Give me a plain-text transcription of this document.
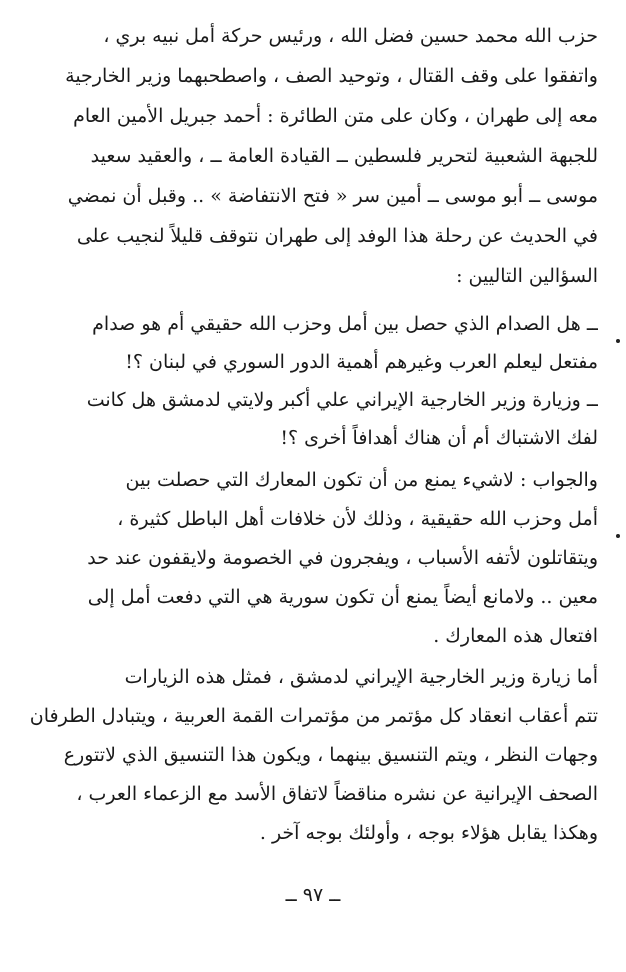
حزب الله محمد حسين فضل الله ، ورئيس حركة أمل نبيه بري ،
واتفقوا على وقف القتال ، وتوحيد الصف ، واصطحبهما وزير الخارجية
معه إلى طهران ، وكان على متن الطائرة : أحمد جبريل الأمين العام
للجبهة الشعبية لتحرير فلسطين ــ القيادة العامة ــ ، والعقيد سعيد
موسى ــ أبو موسى ــ أمين سر « فتح الانتفاضة » .. وقبل أن نمضي
في الحديث عن رحلة هذا الوفد إلى طهران نتوقف قليلاً لنجيب على
السؤالين التاليين :
ــ هل الصدام الذي حصل بين أمل وحزب الله حقيقي أم هو صدام
مفتعل ليعلم العرب وغيرهم أهمية الدور السوري في لبنان ؟!
ــ وزيارة وزير الخارجية الإيراني علي أكبر ولايتي لدمشق هل كانت
لفك الاشتباك أم أن هناك أهدافاً أخرى ؟!
والجواب : لاشيء يمنع من أن تكون المعارك التي حصلت بين
أمل وحزب الله حقيقية ، وذلك لأن خلافات أهل الباطل كثيرة ،
ويتقاتلون لأتفه الأسباب ، ويفجرون في الخصومة ولايقفون عند حد
معين .. ولامانع أيضاً يمنع أن تكون سورية هي التي دفعت أمل إلى
افتعال هذه المعارك .
أما زيارة وزير الخارجية الإيراني لدمشق ، فمثل هذه الزيارات
تتم أعقاب انعقاد كل مؤتمر من مؤتمرات القمة العربية ، ويتبادل الطرفان
وجهات النظر ، ويتم التنسيق بينهما ، ويكون هذا التنسيق الذي لاتتورع
الصحف الإيرانية عن نشره مناقضاً لاتفاق الأسد مع الزعماء العرب ،
وهكذا يقابل هؤلاء بوجه ، وأولئك بوجه آخر .
ــ ٩٧ ــ
